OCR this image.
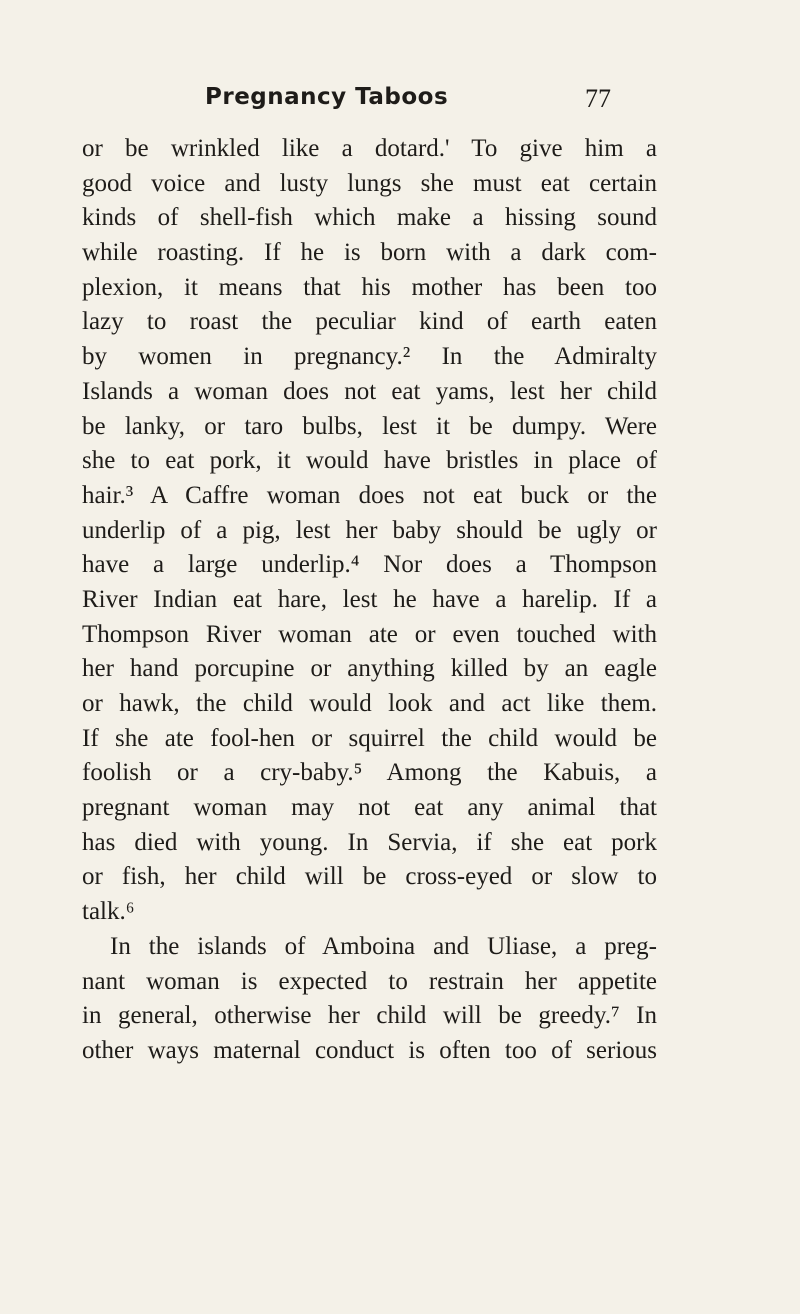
Pregnancy Taboos	77
or be wrinkled like a dotard.' To give him a
good voice and lusty lungs she must eat certain
kinds of shell-fish which make a hissing sound
while roasting. If he is born with a dark com-
plexion, it means that his mother has been too
lazy to roast the peculiar kind of earth eaten
by women in pregnancy.² In the Admiralty
Islands a woman does not eat yams, lest her child
be lanky, or taro bulbs, lest it be dumpy. Were
she to eat pork, it would have bristles in place of
hair.³ A Caffre woman does not eat buck or the
underlip of a pig, lest her baby should be ugly or
have a large underlip.⁴ Nor does a Thompson
River Indian eat hare, lest he have a harelip. If a
Thompson River woman ate or even touched with
her hand porcupine or anything killed by an eagle
or hawk, the child would look and act like them.
If she ate fool-hen or squirrel the child would be
foolish or a cry-baby.⁵ Among the Kabuis, a
pregnant woman may not eat any animal that
has died with young. In Servia, if she eat pork
or fish, her child will be cross-eyed or slow to
talk.⁶
In the islands of Amboina and Uliase, a preg-
nant woman is expected to restrain her appetite
in general, otherwise her child will be greedy.⁷ In
other ways maternal conduct is often too of serious
